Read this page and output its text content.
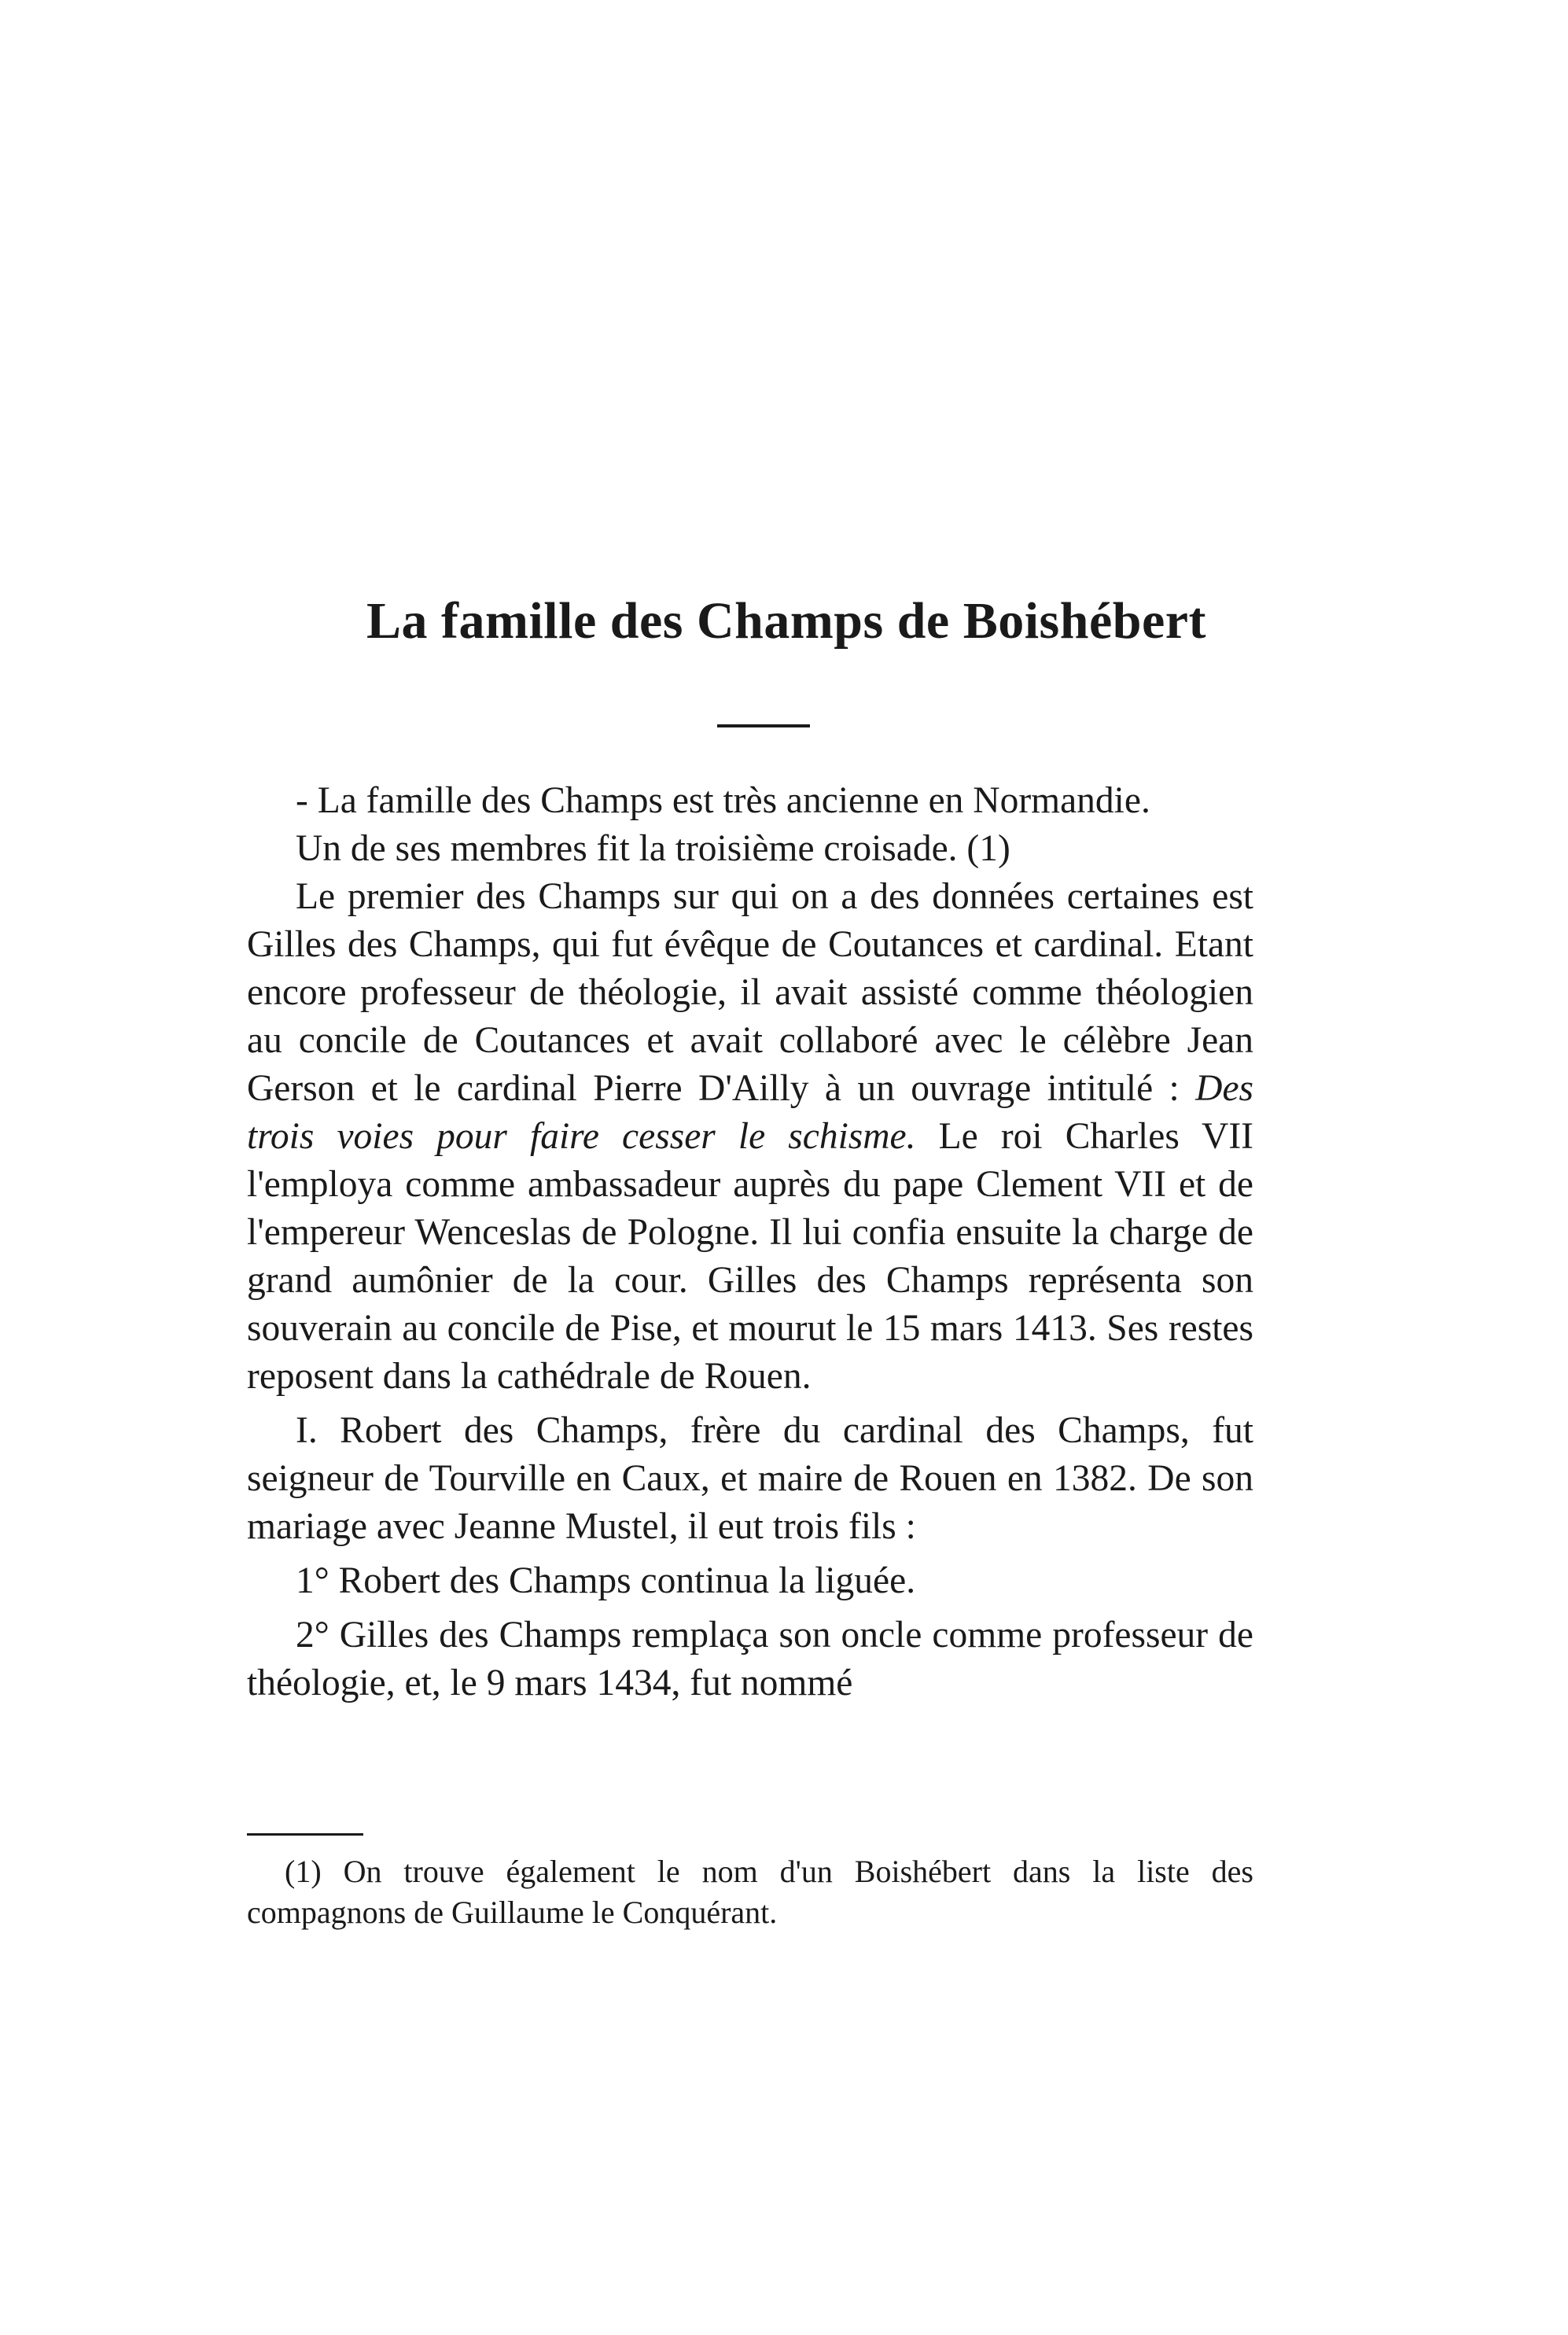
La famille des Champs de Boishébert

- La famille des Champs est très ancienne en Normandie.

Un de ses membres fit la troisième croisade. (1)

Le premier des Champs sur qui on a des données certaines est Gilles des Champs, qui fut évêque de Coutances et cardinal. Etant encore professeur de théologie, il avait assisté comme théologien au concile de Coutances et avait collaboré avec le célèbre Jean Gerson et le cardinal Pierre D'Ailly à un ouvrage intitulé : Des trois voies pour faire cesser le schisme. Le roi Charles VII l'employa comme ambassadeur auprès du pape Clement VII et de l'empereur Wenceslas de Pologne. Il lui confia ensuite la charge de grand aumônier de la cour. Gilles des Champs représenta son souverain au concile de Pise, et mourut le 15 mars 1413. Ses restes reposent dans la cathédrale de Rouen.

I. Robert des Champs, frère du cardinal des Champs, fut seigneur de Tourville en Caux, et maire de Rouen en 1382. De son mariage avec Jeanne Mustel, il eut trois fils :

1° Robert des Champs continua la liguée.

2° Gilles des Champs remplaça son oncle comme professeur de théologie, et, le 9 mars 1434, fut nommé

(1) On trouve également le nom d'un Boishébert dans la liste des compagnons de Guillaume le Conquérant.
